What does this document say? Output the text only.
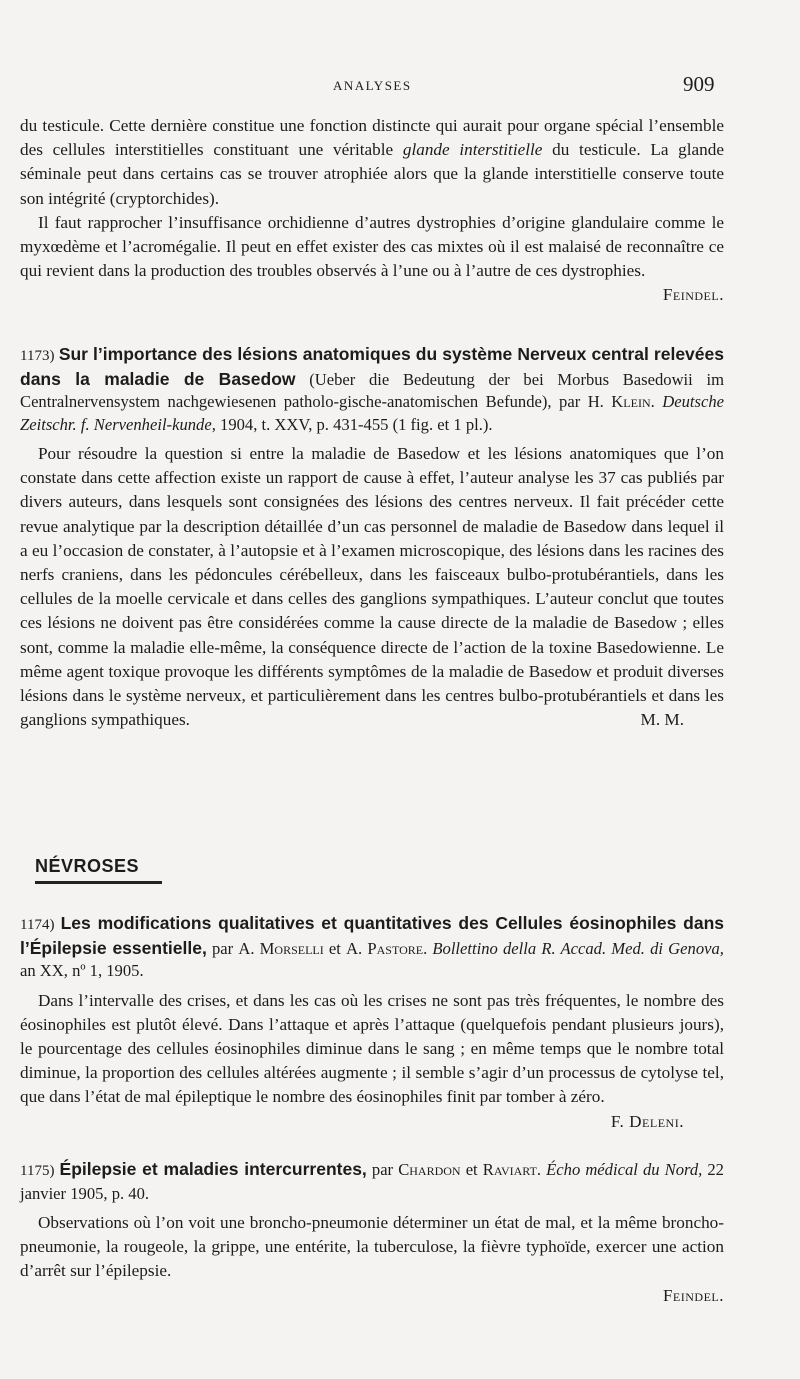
ANALYSES	909

du testicule. Cette dernière constitue une fonction distincte qui aurait pour organe spécial l’ensemble des cellules interstitielles constituant une véritable glande interstitielle du testicule. La glande séminale peut dans certains cas se trouver atrophiée alors que la glande interstitielle conserve toute son intégrité (cryptorchides).

Il faut rapprocher l’insuffisance orchidienne d’autres dystrophies d’origine glandulaire comme le myxœdème et l’acromégalie. Il peut en effet exister des cas mixtes où il est malaisé de reconnaître ce qui revient dans la production des troubles observés à l’une ou à l’autre de ces dystrophies.
Feindel.

1173) Sur l’importance des lésions anatomiques du système Nerveux central relevées dans la maladie de Basedow (Ueber die Bedeutung der bei Morbus Basedowii im Centralnervensystem nachgewiesenen patholo-gische-anatomischen Befunde), par H. Klein. Deutsche Zeitschr. f. Nervenheil-kunde, 1904, t. XXV, p. 431-455 (1 fig. et 1 pl.).

Pour résoudre la question si entre la maladie de Basedow et les lésions anatomiques que l’on constate dans cette affection existe un rapport de cause à effet, l’auteur analyse les 37 cas publiés par divers auteurs, dans lesquels sont consignées des lésions des centres nerveux. Il fait précéder cette revue analytique par la description détaillée d’un cas personnel de maladie de Basedow dans lequel il a eu l’occasion de constater, à l’autopsie et à l’examen microscopique, des lésions dans les racines des nerfs craniens, dans les pédoncules cérébelleux, dans les faisceaux bulbo-protubérantiels, dans les cellules de la moelle cervicale et dans celles des ganglions sympathiques. L’auteur conclut que toutes ces lésions ne doivent pas être considérées comme la cause directe de la maladie de Basedow ; elles sont, comme la maladie elle-même, la conséquence directe de l’action de la toxine Basedowienne. Le même agent toxique provoque les différents symptômes de la maladie de Basedow et produit diverses lésions dans le système nerveux, et particulièrement dans les centres bulbo-protubérantiels et dans les ganglions sympathiques.	M. M.

NÉVROSES

1174) Les modifications qualitatives et quantitatives des Cellules éosinophiles dans l’Épilepsie essentielle, par A. Morselli et A. Pastore. Bollettino della R. Accad. Med. di Genova, an XX, nº 1, 1905.

Dans l’intervalle des crises, et dans les cas où les crises ne sont pas très fréquentes, le nombre des éosinophiles est plutôt élevé. Dans l’attaque et après l’attaque (quelquefois pendant plusieurs jours), le pourcentage des cellules éosinophiles diminue dans le sang ; en même temps que le nombre total diminue, la proportion des cellules altérées augmente ; il semble s’agir d’un processus de cytolyse tel, que dans l’état de mal épileptique le nombre des éosinophiles finit par tomber à zéro.
F. Deleni.

1175) Épilepsie et maladies intercurrentes, par Chardon et Raviart. Écho médical du Nord, 22 janvier 1905, p. 40.

Observations où l’on voit une broncho-pneumonie déterminer un état de mal, et la même broncho-pneumonie, la rougeole, la grippe, une entérite, la tuberculose, la fièvre typhoïde, exercer une action d’arrêt sur l’épilepsie.

Feindel.
